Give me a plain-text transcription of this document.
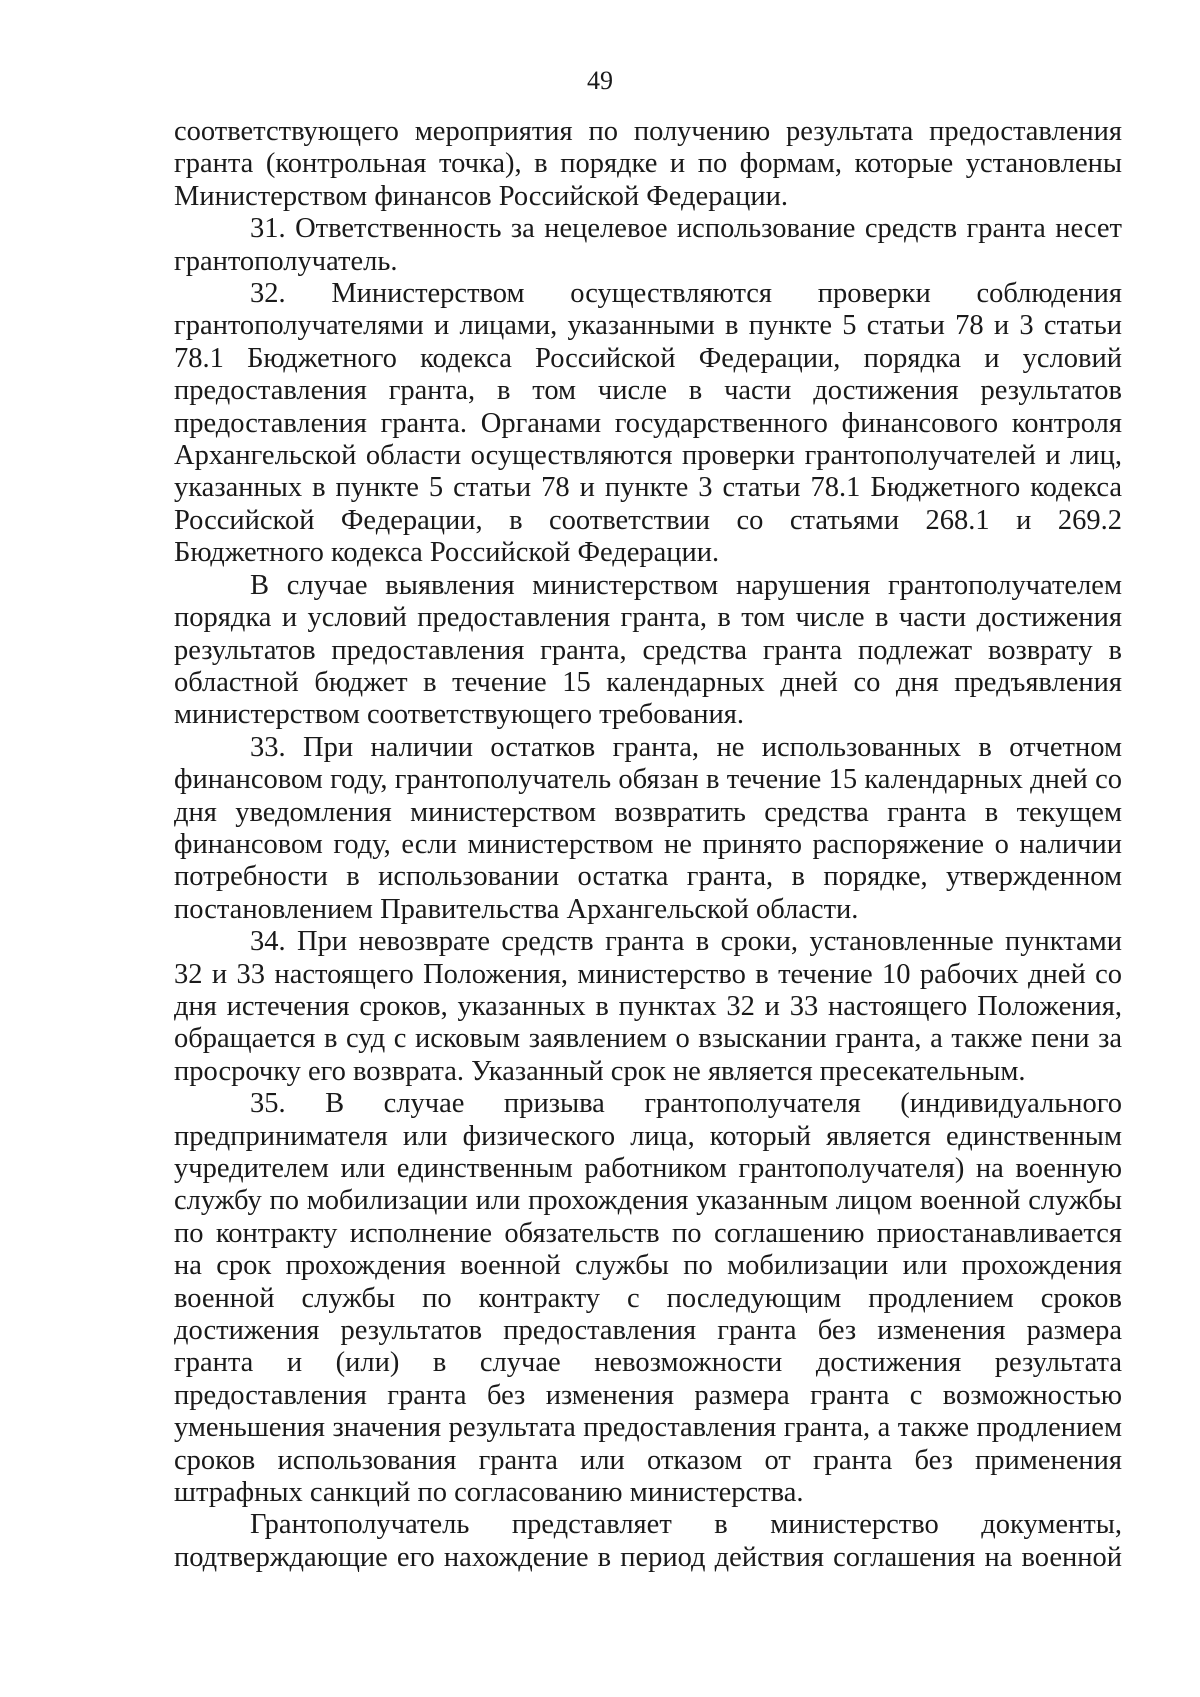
49

соответствующего мероприятия по получению результата предоставления гранта (контрольная точка), в порядке и по формам, которые установлены Министерством финансов Российской Федерации.

31. Ответственность за нецелевое использование средств гранта несет грантополучатель.

32. Министерством осуществляются проверки соблюдения грантополучателями и лицами, указанными в пункте 5 статьи 78 и 3 статьи 78.1 Бюджетного кодекса Российской Федерации, порядка и условий предоставления гранта, в том числе в части достижения результатов предоставления гранта. Органами государственного финансового контроля Архангельской области осуществляются проверки грантополучателей и лиц, указанных в пункте 5 статьи 78 и пункте 3 статьи 78.1 Бюджетного кодекса Российской Федерации, в соответствии со статьями 268.1 и 269.2 Бюджетного кодекса Российской Федерации.

В случае выявления министерством нарушения грантополучателем порядка и условий предоставления гранта, в том числе в части достижения результатов предоставления гранта, средства гранта подлежат возврату в областной бюджет в течение 15 календарных дней со дня предъявления министерством соответствующего требования.

33. При наличии остатков гранта, не использованных в отчетном финансовом году, грантополучатель обязан в течение 15 календарных дней со дня уведомления министерством возвратить средства гранта в текущем финансовом году, если министерством не принято распоряжение о наличии потребности в использовании остатка гранта, в порядке, утвержденном постановлением Правительства Архангельской области.

34. При невозврате средств гранта в сроки, установленные пунктами 32 и 33 настоящего Положения, министерство в течение 10 рабочих дней со дня истечения сроков, указанных в пунктах 32 и 33 настоящего Положения, обращается в суд с исковым заявлением о взыскании гранта, а также пени за просрочку его возврата. Указанный срок не является пресекательным.

35. В случае призыва грантополучателя (индивидуального предпринимателя или физического лица, который является единственным учредителем или единственным работником грантополучателя) на военную службу по мобилизации или прохождения указанным лицом военной службы по контракту исполнение обязательств по соглашению приостанавливается на срок прохождения военной службы по мобилизации или прохождения военной службы по контракту с последующим продлением сроков достижения результатов предоставления гранта без изменения размера гранта и (или) в случае невозможности достижения результата предоставления гранта без изменения размера гранта с возможностью уменьшения значения результата предоставления гранта, а также продлением сроков использования гранта или отказом от гранта без применения штрафных санкций по согласованию министерства.

Грантополучатель представляет в министерство документы, подтверждающие его нахождение в период действия соглашения на военной
